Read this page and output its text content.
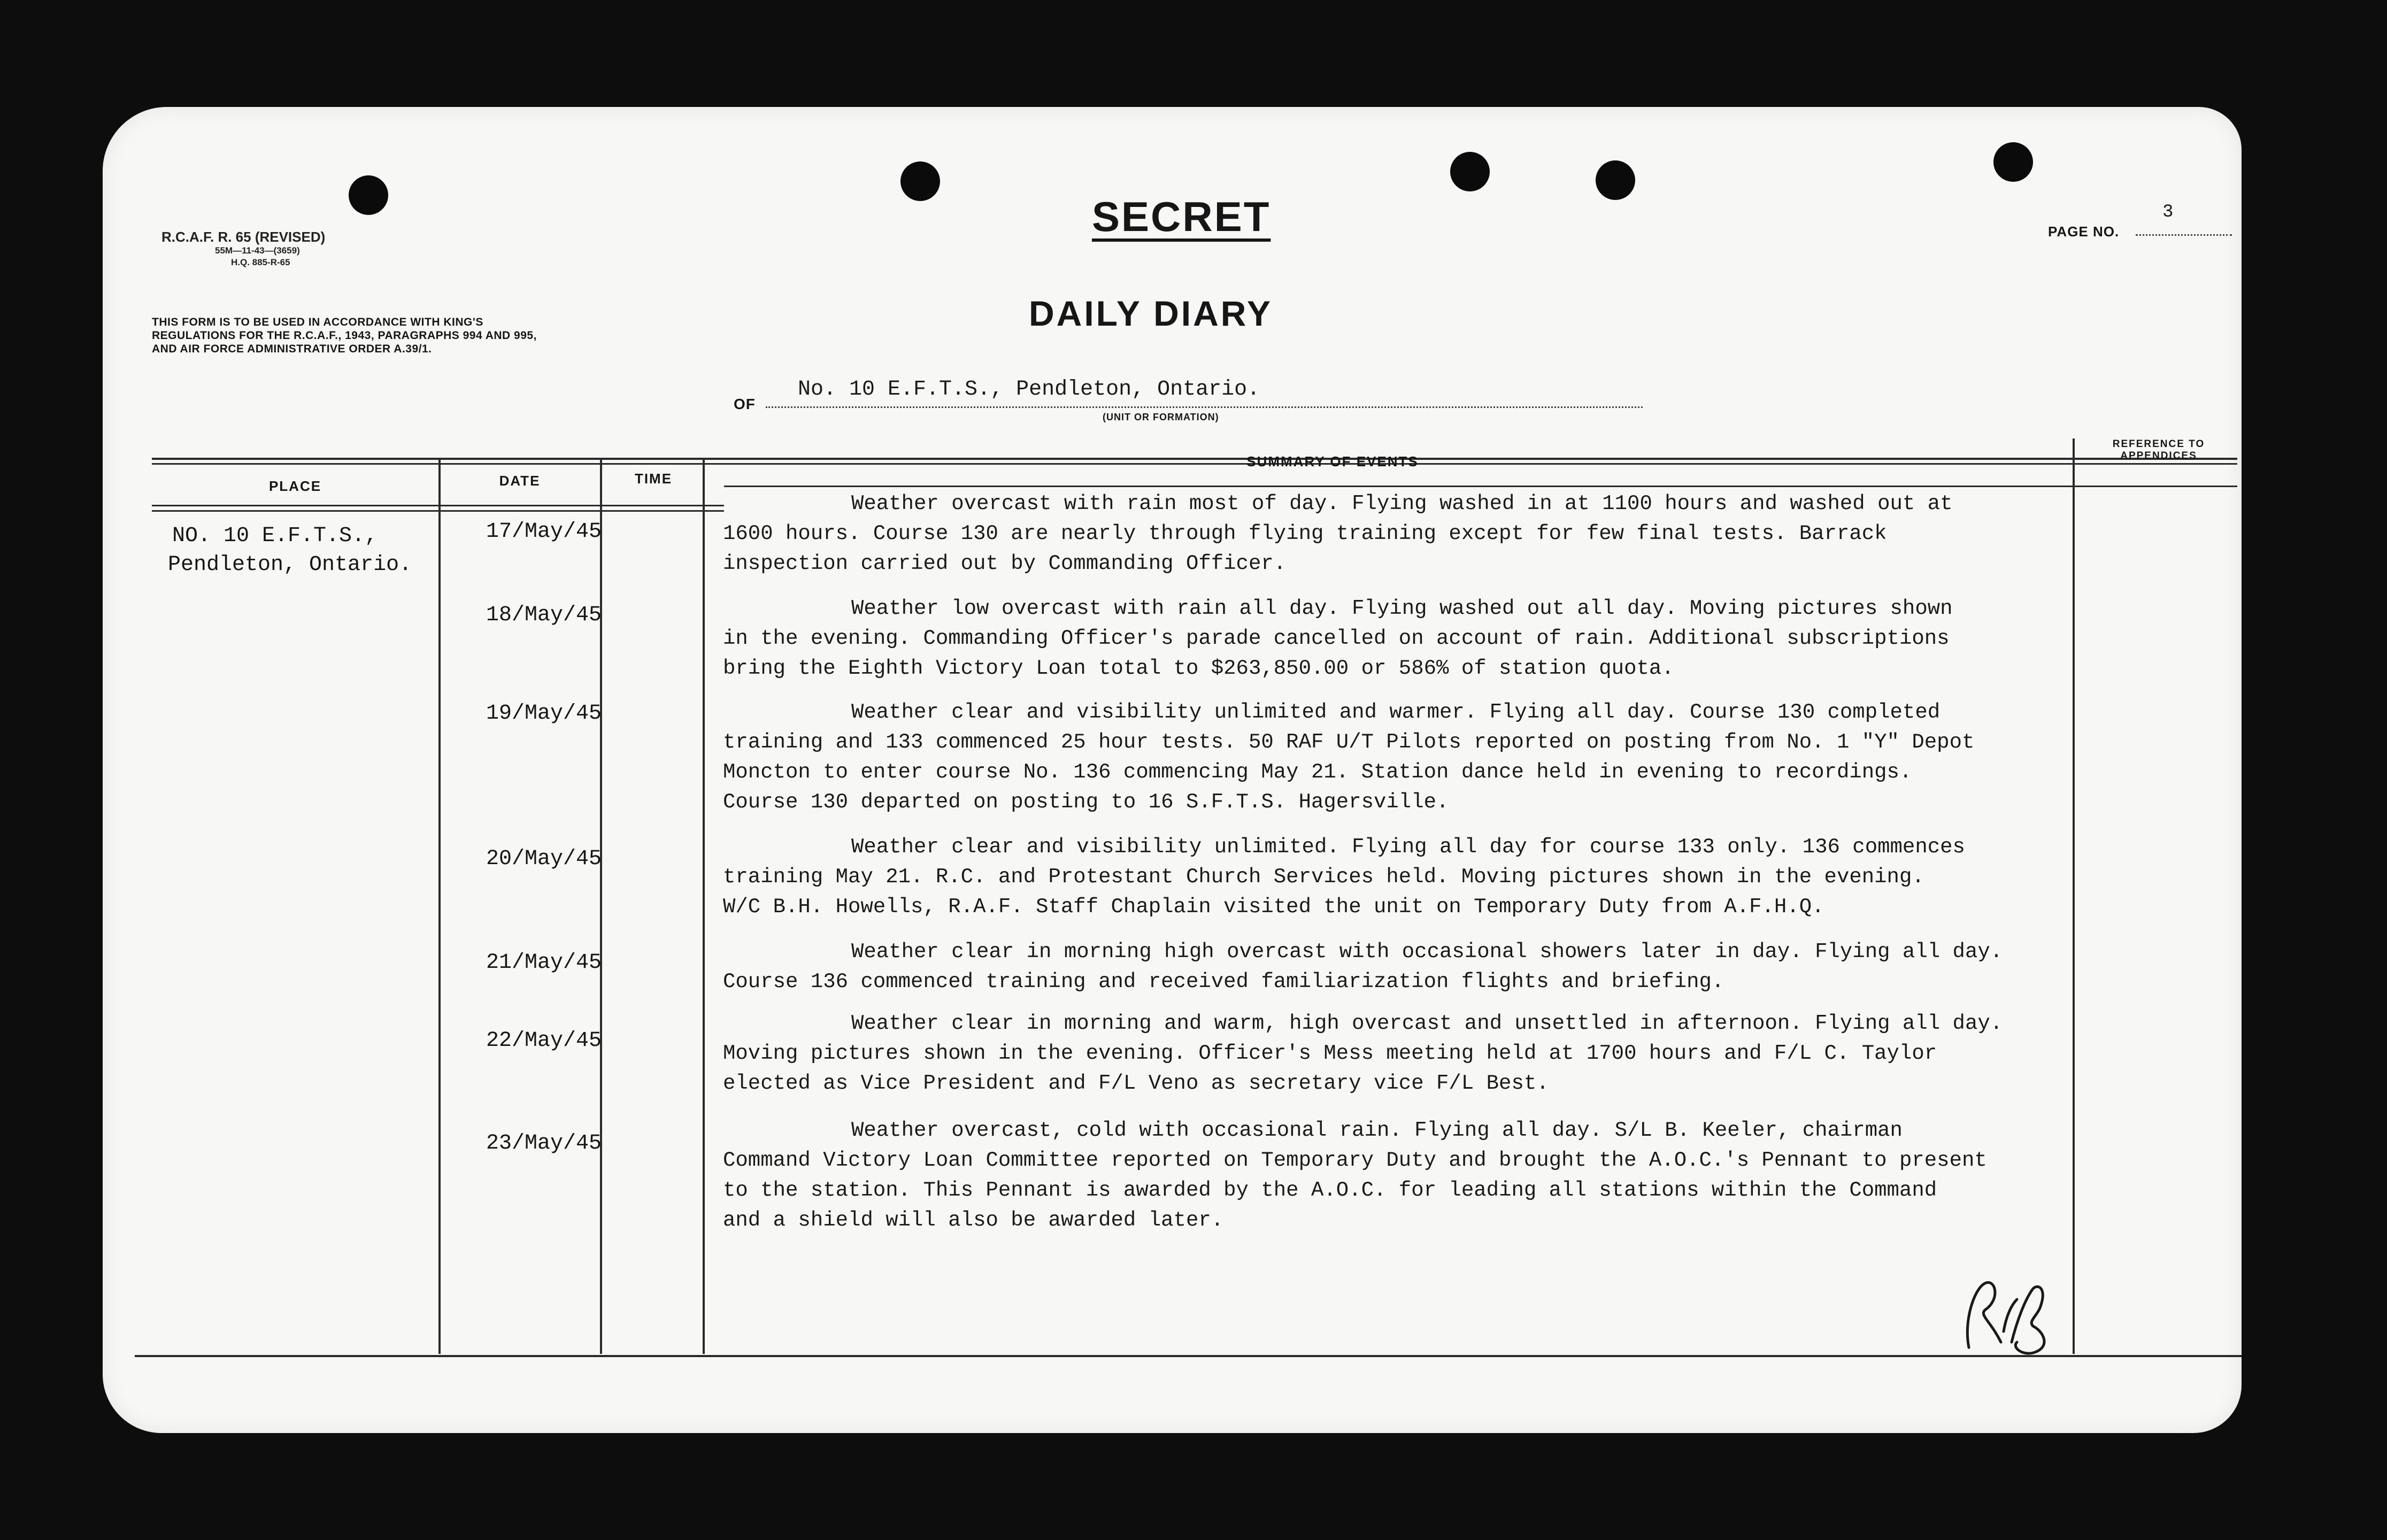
R.C.A.F. R. 65 (REVISED)
55M—11-43—(3659)
H.Q. 885-R-65
THIS FORM IS TO BE USED IN ACCORDANCE WITH KING'S REGULATIONS FOR THE R.C.A.F., 1943, PARAGRAPHS 994 AND 995, AND AIR FORCE ADMINISTRATIVE ORDER A.39/1.
SECRET
DAILY DIARY
PAGE NO.
3
OF
No. 10 E.F.T.S., Pendleton, Ontario.
(UNIT OR FORMATION)
PLACE	DATE	TIME
SUMMARY OF EVENTS
REFERENCE TO APPENDICES
NO. 10 E.F.T.S.,
Pendleton, Ontario.
17/May/45
Weather overcast with rain most of day. Flying washed in at 1100 hours and washed out at
1600 hours. Course 130 are nearly through flying training except for few final tests. Barrack
inspection carried out by Commanding Officer.
18/May/45	Weather low overcast with rain all day. Flying washed out all day. Moving pictures shown
in the evening. Commanding Officer's parade cancelled on account of rain. Additional subscriptions
bring the Eighth Victory Loan total to $263,850.00 or 586% of station quota.
19/May/45	Weather clear and visibility unlimited and warmer. Flying all day. Course 130 completed
training and 133 commenced 25 hour tests. 50 RAF U/T Pilots reported on posting from No. 1 "Y" Depot
Moncton to enter course No. 136 commencing May 21. Station dance held in evening to recordings.
Course 130 departed on posting to 16 S.F.T.S. Hagersville.
20/May/45	Weather clear and visibility unlimited. Flying all day for course 133 only. 136 commences
training May 21. R.C. and Protestant Church Services held. Moving pictures shown in the evening.
W/C B.H. Howells, R.A.F. Staff Chaplain visited the unit on Temporary Duty from A.F.H.Q.
21/May/45	Weather clear in morning high overcast with occasional showers later in day. Flying all day.
Course 136 commenced training and received familiarization flights and briefing.
22/May/45
Weather clear in morning and warm, high overcast and unsettled in afternoon. Flying all day.
Moving pictures shown in the evening. Officer's Mess meeting held at 1700 hours and F/L C. Taylor
elected as Vice President and F/L Veno as secretary vice F/L Best.
23/May/45
Weather overcast, cold with occasional rain. Flying all day. S/L B. Keeler, chairman
Command Victory Loan Committee reported on Temporary Duty and brought the A.O.C.'s Pennant to present
to the station. This Pennant is awarded by the A.O.C. for leading all stations within the Command
and a shield will also be awarded later.
